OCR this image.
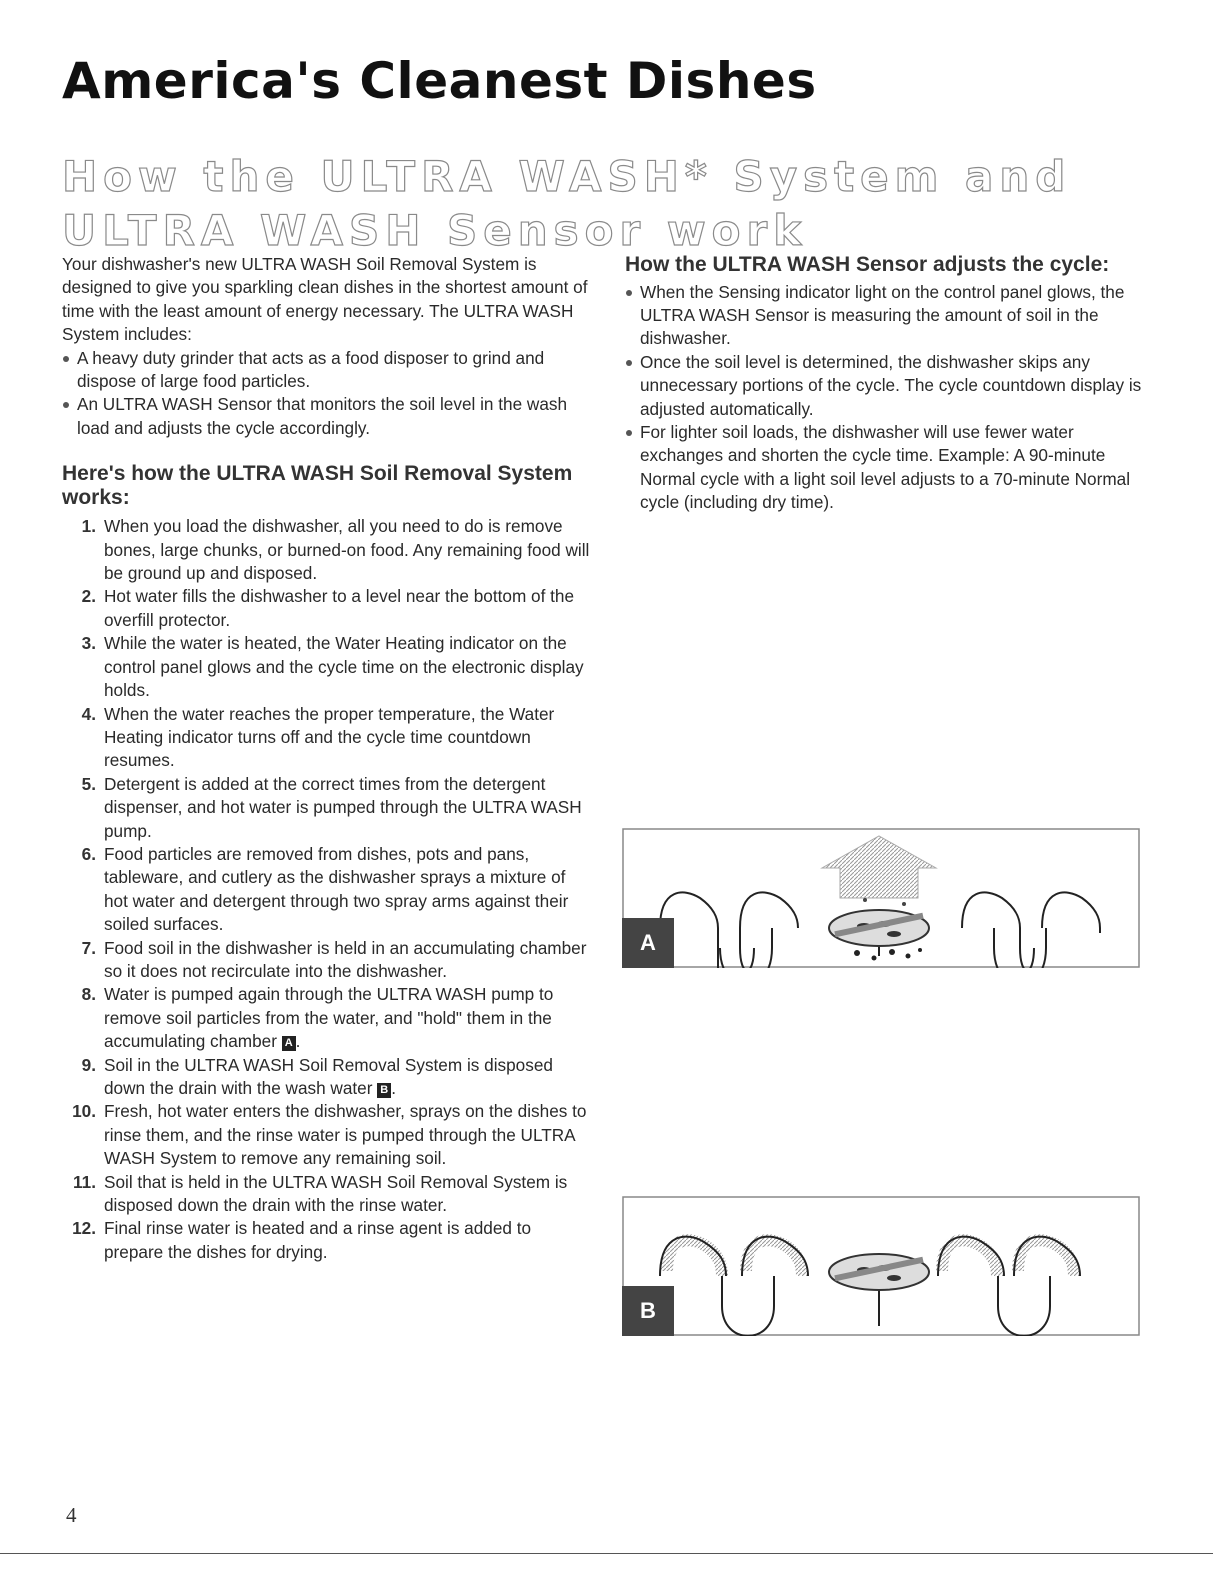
America's Cleanest Dishes
How the ULTRA WASH* System and ULTRA WASH Sensor work

Your dishwasher's new ULTRA WASH Soil Removal System is designed to give you sparkling clean dishes in the shortest amount of time with the least amount of energy necessary. The ULTRA WASH System includes:

A heavy duty grinder that acts as a food disposer to grind and dispose of large food particles.
An ULTRA WASH Sensor that monitors the soil level in the wash load and adjusts the cycle accordingly.
Here's how the ULTRA WASH Soil Removal System works:
1. When you load the dishwasher, all you need to do is remove bones, large chunks, or burned-on food. Any remaining food will be ground up and disposed.
2. Hot water fills the dishwasher to a level near the bottom of the overfill protector.
3. While the water is heated, the Water Heating indicator on the control panel glows and the cycle time on the electronic display holds.
4. When the water reaches the proper temperature, the Water Heating indicator turns off and the cycle time countdown resumes.
5. Detergent is added at the correct times from the detergent dispenser, and hot water is pumped through the ULTRA WASH pump.
6. Food particles are removed from dishes, pots and pans, tableware, and cutlery as the dishwasher sprays a mixture of hot water and detergent through two spray arms against their soiled surfaces.
7. Food soil in the dishwasher is held in an accumulating chamber so it does not recirculate into the dishwasher.
8. Water is pumped again through the ULTRA WASH pump to remove soil particles from the water, and "hold" them in the accumulating chamber A .
9. Soil in the ULTRA WASH Soil Removal System is disposed down the drain with the wash water B .
10. Fresh, hot water enters the dishwasher, sprays on the dishes to rinse them, and the rinse water is pumped through the ULTRA WASH System to remove any remaining soil.
11. Soil that is held in the ULTRA WASH Soil Removal System is disposed down the drain with the rinse water.
12. Final rinse water is heated and a rinse agent is added to prepare the dishes for drying.
How the ULTRA WASH Sensor adjusts the cycle:
When the Sensing indicator light on the control panel glows, the ULTRA WASH Sensor is measuring the amount of soil in the dishwasher.
Once the soil level is determined, the dishwasher skips any unnecessary portions of the cycle. The cycle countdown display is adjusted automatically.
For lighter soil loads, the dishwasher will use fewer water exchanges and shorten the cycle time. Example: A 90-minute Normal cycle with a light soil level adjusts to a 70-minute Normal cycle (including dry time).
A
B
4
